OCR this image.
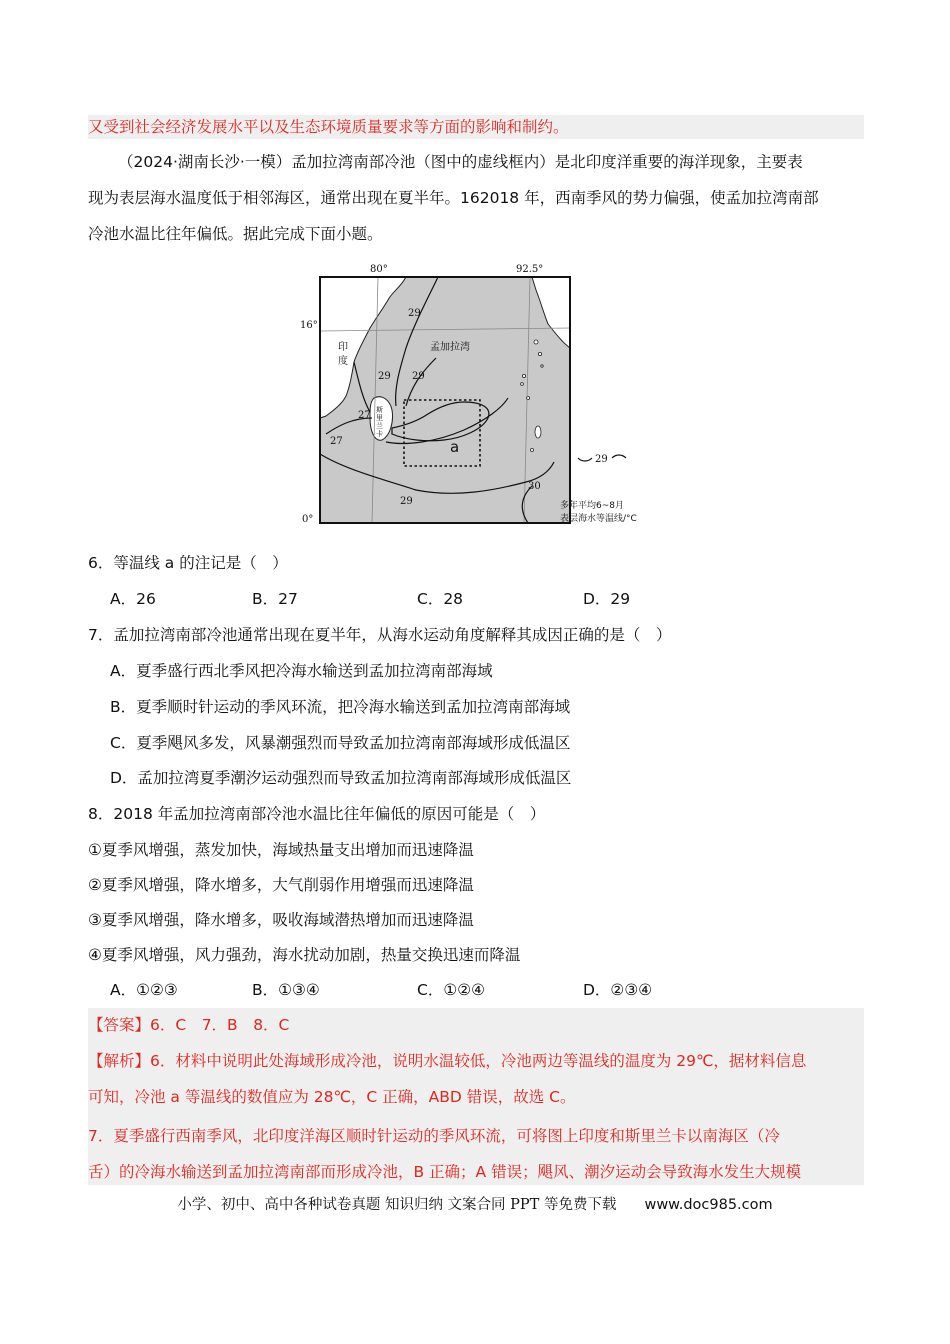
又受到社会经济发展水平以及生态环境质量要求等方面的影响和制约。
（2024·湖南长沙·一模）孟加拉湾南部冷池（图中的虚线框内）是北印度洋重要的海洋现象，主要表
现为表层海水温度低于相邻海区，通常出现在夏半年。162018 年，西南季风的势力偏强，使孟加拉湾南部
冷池水温比往年偏低。据此完成下面小题。
80°	92.5°
16°
0°
印
度
孟加拉湾
斯
里
兰
卡
29
29 29
29
27
27
30
a
29
多年平均6~8月
表层海水等温线/°C
6．等温线 a 的注记是（　）
A．26	B．27	C．28	D．29
7．孟加拉湾南部冷池通常出现在夏半年，从海水运动角度解释其成因正确的是（　）
A．夏季盛行西北季风把冷海水输送到孟加拉湾南部海域
B．夏季顺时针运动的季风环流，把冷海水输送到孟加拉湾南部海域
C．夏季飓风多发，风暴潮强烈而导致孟加拉湾南部海域形成低温区
D．孟加拉湾夏季潮汐运动强烈而导致孟加拉湾南部海域形成低温区
8．2018 年孟加拉湾南部冷池水温比往年偏低的原因可能是（　）
①夏季风增强，蒸发加快，海域热量支出增加而迅速降温
②夏季风增强，降水增多，大气削弱作用增强而迅速降温
③夏季风增强，降水增多，吸收海域潜热增加而迅速降温
④夏季风增强，风力强劲，海水扰动加剧，热量交换迅速而降温
A．①②③	B．①③④	C．①②④	D．②③④
【答案】6．C　7．B　8．C
【解析】6．材料中说明此处海域形成冷池，说明水温较低，冷池两边等温线的温度为 29℃，据材料信息
可知，冷池 a 等温线的数值应为 28℃，C 正确，ABD 错误，故选 C。
7．夏季盛行西南季风，北印度洋海区顺时针运动的季风环流，可将图上印度和斯里兰卡以南海区（冷
舌）的冷海水输送到孟加拉湾南部而形成冷池，B 正确；A 错误；飓风、潮汐运动会导致海水发生大规模
小学、初中、高中各种试卷真题 知识归纳 文案合同 PPT 等免费下载 www.doc985.com
